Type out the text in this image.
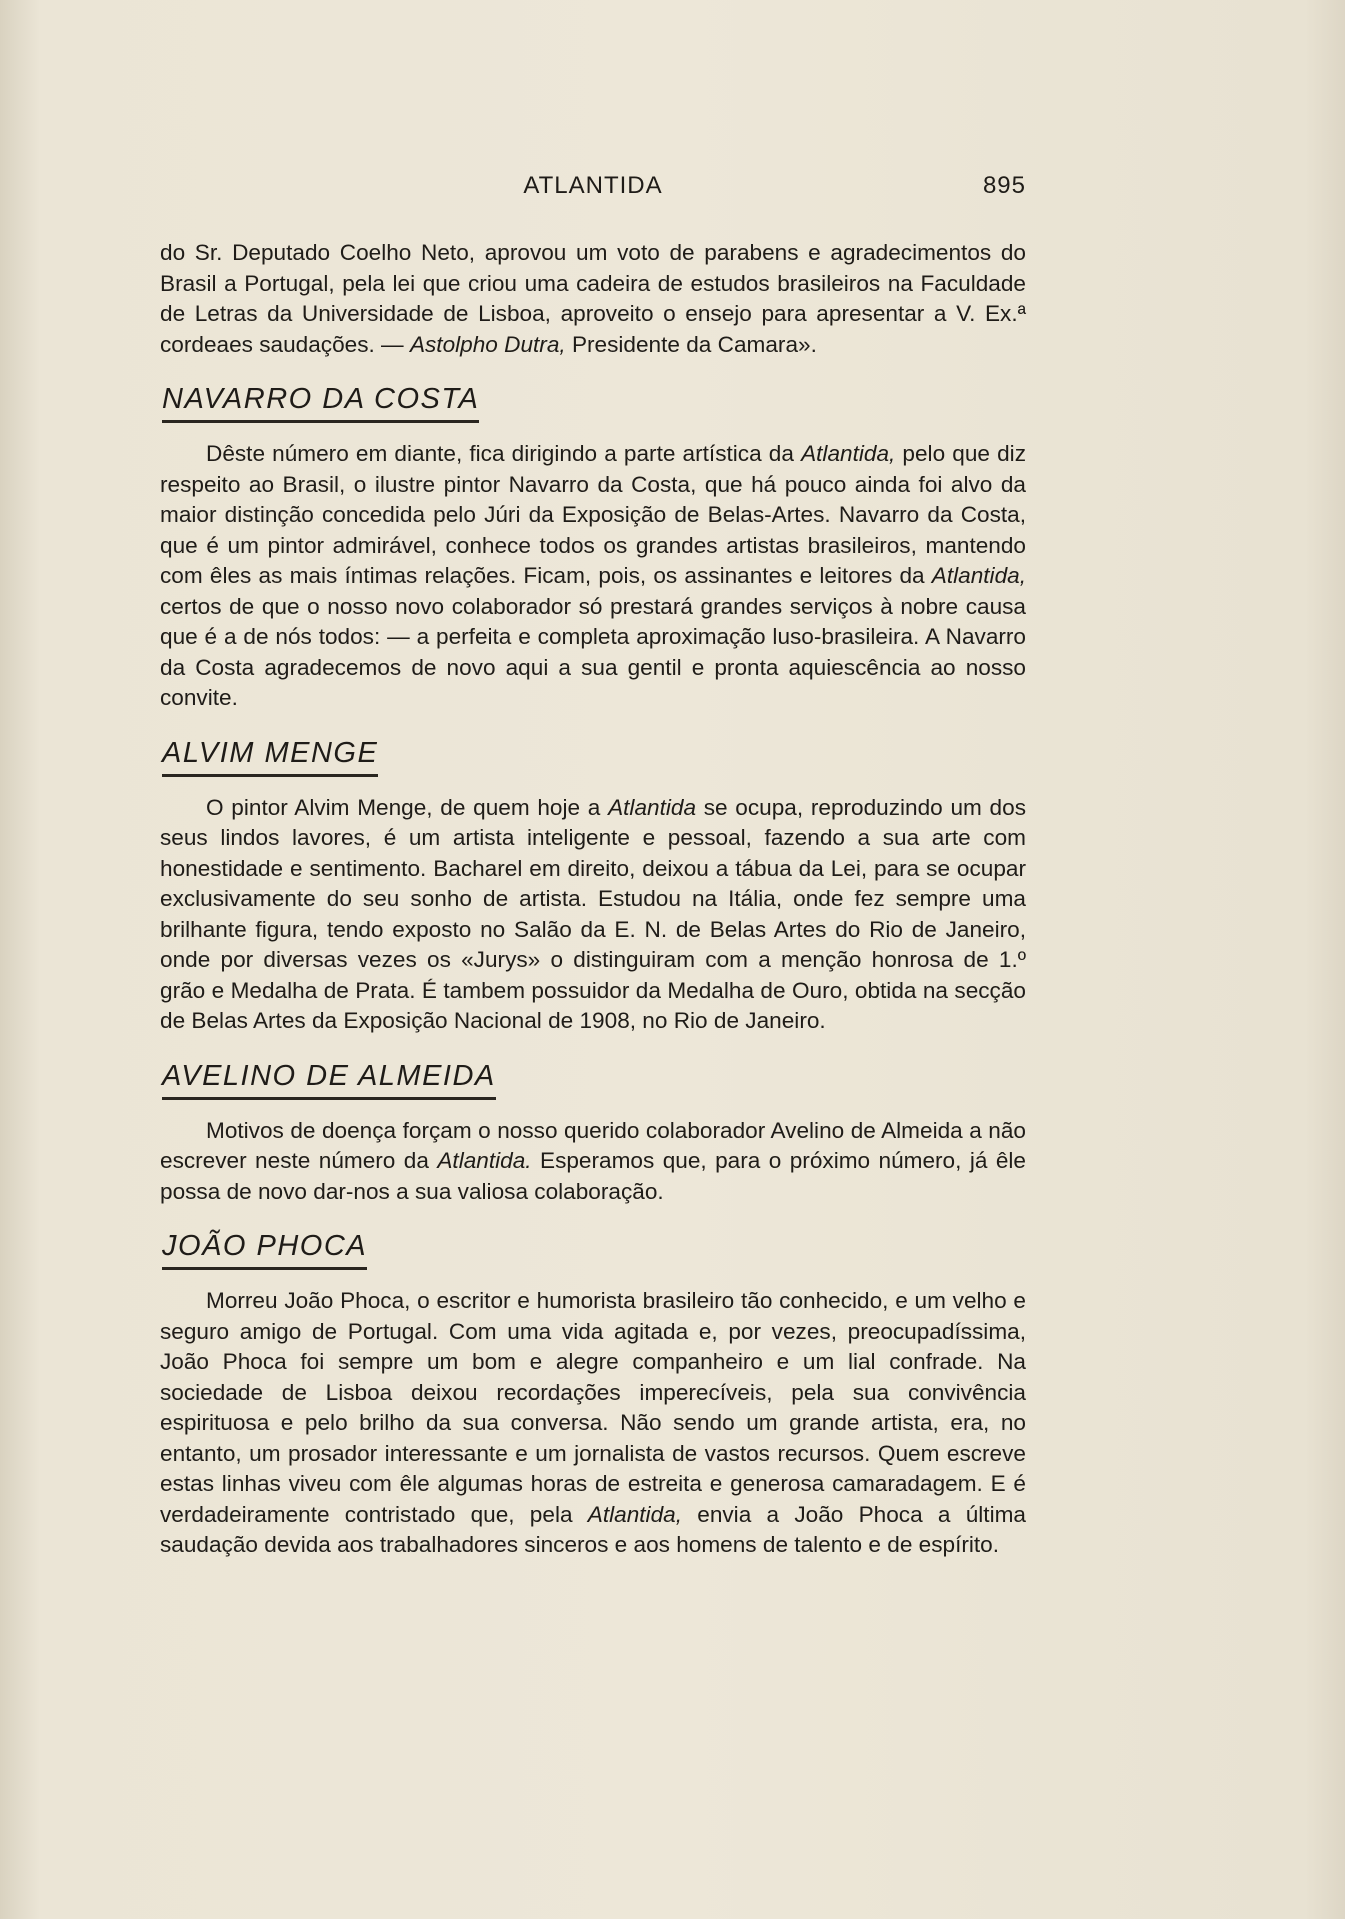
ATLANTIDA	895

do Sr. Deputado Coelho Neto, aprovou um voto de parabens e agradecimentos do Brasil a Portugal, pela lei que criou uma cadeira de estudos brasileiros na Faculdade de Letras da Universidade de Lisboa, aproveito o ensejo para apresentar a V. Ex.ª cordeaes saudações. — Astolpho Dutra, Presidente da Camara».

NAVARRO DA COSTA

Dêste número em diante, fica dirigindo a parte artística da Atlantida, pelo que diz respeito ao Brasil, o ilustre pintor Navarro da Costa, que há pouco ainda foi alvo da maior distinção concedida pelo Júri da Exposição de Belas-Artes. Navarro da Costa, que é um pintor admirável, conhece todos os grandes artistas brasileiros, mantendo com êles as mais íntimas relações. Ficam, pois, os assinantes e leitores da Atlantida, certos de que o nosso novo colaborador só prestará grandes serviços à nobre causa que é a de nós todos: — a perfeita e completa aproximação luso-brasileira. A Navarro da Costa agradecemos de novo aqui a sua gentil e pronta aquiescência ao nosso convite.

ALVIM MENGE

O pintor Alvim Menge, de quem hoje a Atlantida se ocupa, reproduzindo um dos seus lindos lavores, é um artista inteligente e pessoal, fazendo a sua arte com honestidade e sentimento. Bacharel em direito, deixou a tábua da Lei, para se ocupar exclusivamente do seu sonho de artista. Estudou na Itália, onde fez sempre uma brilhante figura, tendo exposto no Salão da E. N. de Belas Artes do Rio de Janeiro, onde por diversas vezes os «Jurys» o distinguiram com a menção honrosa de 1.º grão e Medalha de Prata. É tambem possuidor da Medalha de Ouro, obtida na secção de Belas Artes da Exposição Nacional de 1908, no Rio de Janeiro.

AVELINO DE ALMEIDA

Motivos de doença forçam o nosso querido colaborador Avelino de Almeida a não escrever neste número da Atlantida. Esperamos que, para o próximo número, já êle possa de novo dar-nos a sua valiosa colaboração.

JOÃO PHOCA

Morreu João Phoca, o escritor e humorista brasileiro tão conhecido, e um velho e seguro amigo de Portugal. Com uma vida agitada e, por vezes, preocupadíssima, João Phoca foi sempre um bom e alegre companheiro e um lial confrade. Na sociedade de Lisboa deixou recordações imperecíveis, pela sua convivência espirituosa e pelo brilho da sua conversa. Não sendo um grande artista, era, no entanto, um prosador interessante e um jornalista de vastos recursos. Quem escreve estas linhas viveu com êle algumas horas de estreita e generosa camaradagem. E é verdadeiramente contristado que, pela Atlantida, envia a João Phoca a última saudação devida aos trabalhadores sinceros e aos homens de talento e de espírito.
